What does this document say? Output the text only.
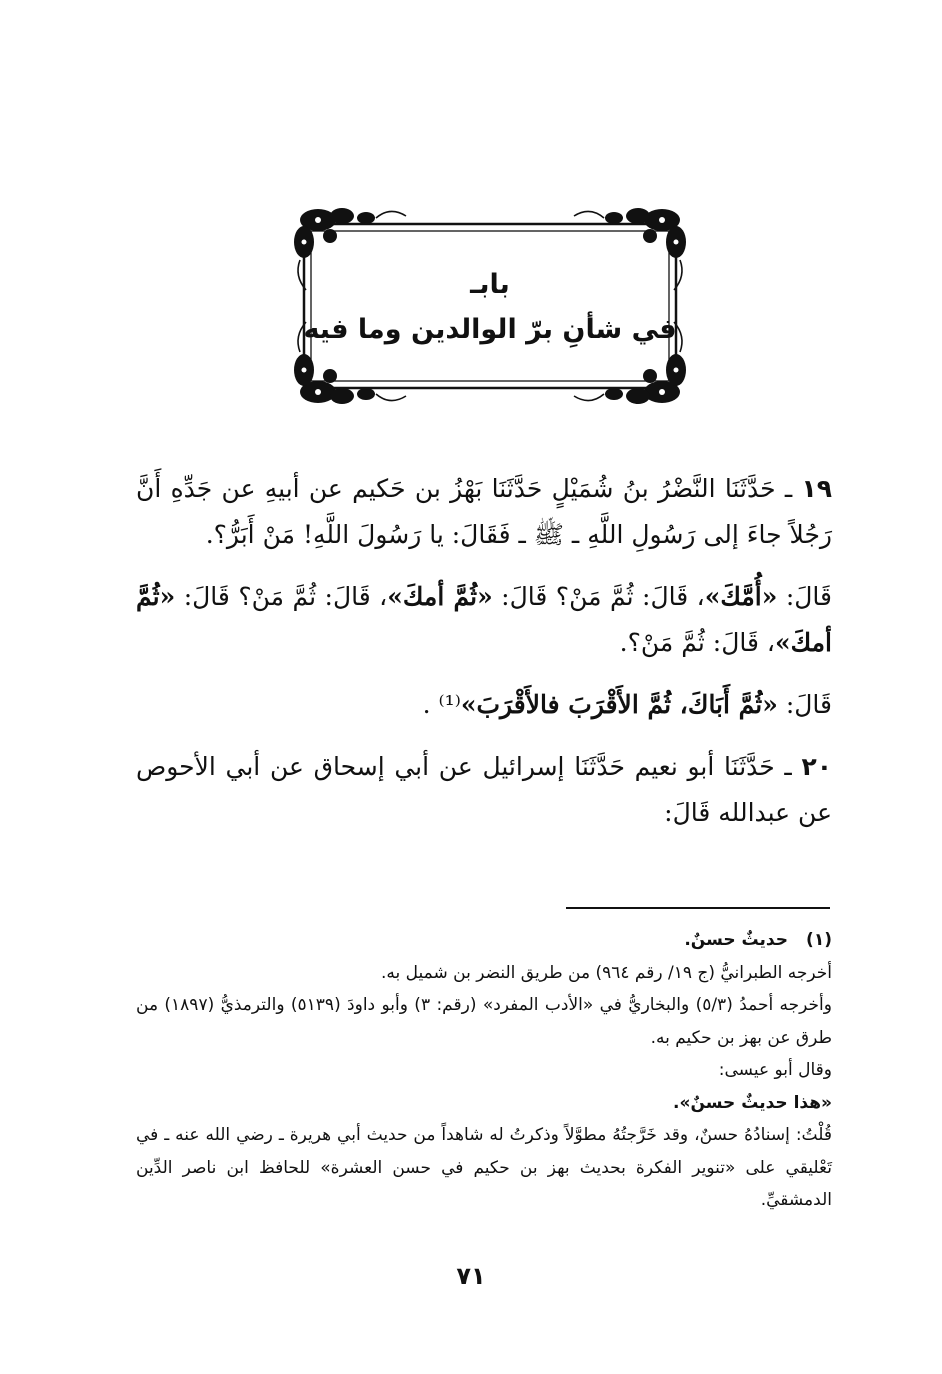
بابـ
في شأنِ برّ الوالدين وما فيه

١٩ ـ حَدَّثَنَا النَّضْرُ بنُ شُمَيْلٍ حَدَّثَنَا بَهْزُ بن حَكيم عن أبيهِ عن جَدِّهِ أَنَّ رَجُلاً جاءَ إلى رَسُولِ اللَّهِ ـ ﷺ ـ فَقَالَ: يا رَسُولَ اللَّهِ! مَنْ أَبَرُّ؟.

قَالَ: «أُمَّكَ»، قَالَ: ثُمَّ مَنْ؟ قَالَ: «ثُمَّ أمكَ»، قَالَ: ثُمَّ مَنْ؟ قَالَ: «ثُمَّ أمكَ»، قَالَ: ثُمَّ مَنْ؟.

قَالَ: «ثُمَّ أَبَاكَ، ثُمَّ الأَقْرَبَ فالأَقْرَبَ»⁽¹⁾ .

٢٠ ـ حَدَّثَنَا أبو نعيم حَدَّثَنَا إسرائيل عن أبي إسحاق عن أبي الأحوص عن عبدالله قَالَ:

(١)حديثٌ حسنٌ.

أخرجه الطبرانيُّ (ج ١٩/ رقم ٩٦٤) من طريق النضر بن شميل به.

وأخرجه أحمدُ (٥/٣) والبخاريُّ في «الأدب المفرد» (رقم: ٣) وأبو داودَ (٥١٣٩) والترمذيُّ (١٨٩٧) من طرق عن بهز بن حكيم به.

وقال أبو عيسى:

«هذا حديثٌ حسنٌ».

قُلْتُ: إسنادُهُ حسنٌ، وقد خَرَّجتُهُ مطوَّلاً وذكرتُ له شاهداً من حديث أبي هريرة ـ رضي الله عنه ـ في تَعْليقي على «تنوير الفكرة بحديث بهز بن حكيم في حسن العشرة» للحافظ ابن ناصر الدِّين الدمشقيِّ.

٧١
